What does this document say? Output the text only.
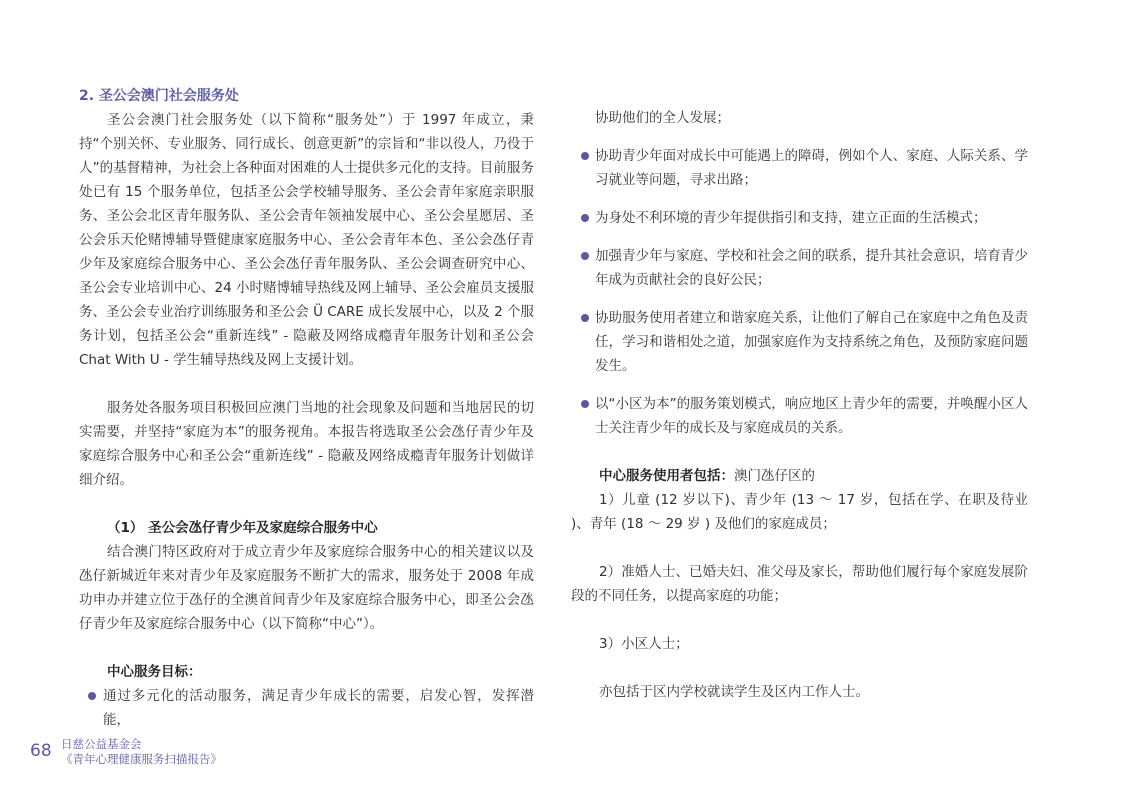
2. 圣公会澳门社会服务处

圣公会澳门社会服务处（以下简称“服务处”）于 1997 年成立，秉持“个别关怀、专业服务、同行成长、创意更新”的宗旨和“非以役人，乃役于人”的基督精神，为社会上各种面对困难的人士提供多元化的支持。目前服务处已有 15 个服务单位，包括圣公会学校辅导服务、圣公会青年家庭亲职服务、圣公会北区青年服务队、圣公会青年领袖发展中心、圣公会星愿居、圣公会乐天伦赌博辅导暨健康家庭服务中心、圣公会青年本色、圣公会氹仔青少年及家庭综合服务中心、圣公会氹仔青年服务队、圣公会调查研究中心、圣公会专业培训中心、24 小时赌博辅导热线及网上辅导、圣公会雇员支援服务、圣公会专业治疗训练服务和圣公会 Ü CARE 成长发展中心，以及 2 个服务计划，包括圣公会“重新连线” - 隐蔽及网络成瘾青年服务计划和圣公会 Chat With U - 学生辅导热线及网上支援计划。

服务处各服务项目积极回应澳门当地的社会现象及问题和当地居民的切实需要，并坚持“家庭为本”的服务视角。本报告将选取圣公会氹仔青少年及家庭综合服务中心和圣公会“重新连线” - 隐蔽及网络成瘾青年服务计划做详细介绍。

（1） 圣公会氹仔青少年及家庭综合服务中心

结合澳门特区政府对于成立青少年及家庭综合服务中心的相关建议以及氹仔新城近年来对青少年及家庭服务不断扩大的需求，服务处于 2008 年成功申办并建立位于氹仔的全澳首间青少年及家庭综合服务中心，即圣公会氹仔青少年及家庭综合服务中心（以下简称“中心”）。

中心服务目标：

通过多元化的活动服务，满足青少年成长的需要，启发心智，发挥潜能，

协助他们的全人发展；

协助青少年面对成长中可能遇上的障碍，例如个人、家庭、人际关系、学习就业等问题，寻求出路；

为身处不利环境的青少年提供指引和支持，建立正面的生活模式；

加强青少年与家庭、学校和社会之间的联系，提升其社会意识，培育青少年成为贡献社会的良好公民；

协助服务使用者建立和谐家庭关系，让他们了解自己在家庭中之角色及责任，学习和谐相处之道，加强家庭作为支持系统之角色，及预防家庭问题发生。

以“小区为本”的服务策划模式，响应地区上青少年的需要，并唤醒小区人士关注青少年的成长及与家庭成员的关系。

中心服务使用者包括：澳门氹仔区的

1）儿童 (12 岁以下)、青少年 (13 ～ 17 岁，包括在学、在职及待业 )、青年 (18 ～ 29 岁 ) 及他们的家庭成员；

2）准婚人士、已婚夫妇、准父母及家长，帮助他们履行每个家庭发展阶段的不同任务，以提高家庭的功能；

3）小区人士；

亦包括于区内学校就读学生及区内工作人士。

68 日慈公益基金会
《青年心理健康服务扫描报告》
